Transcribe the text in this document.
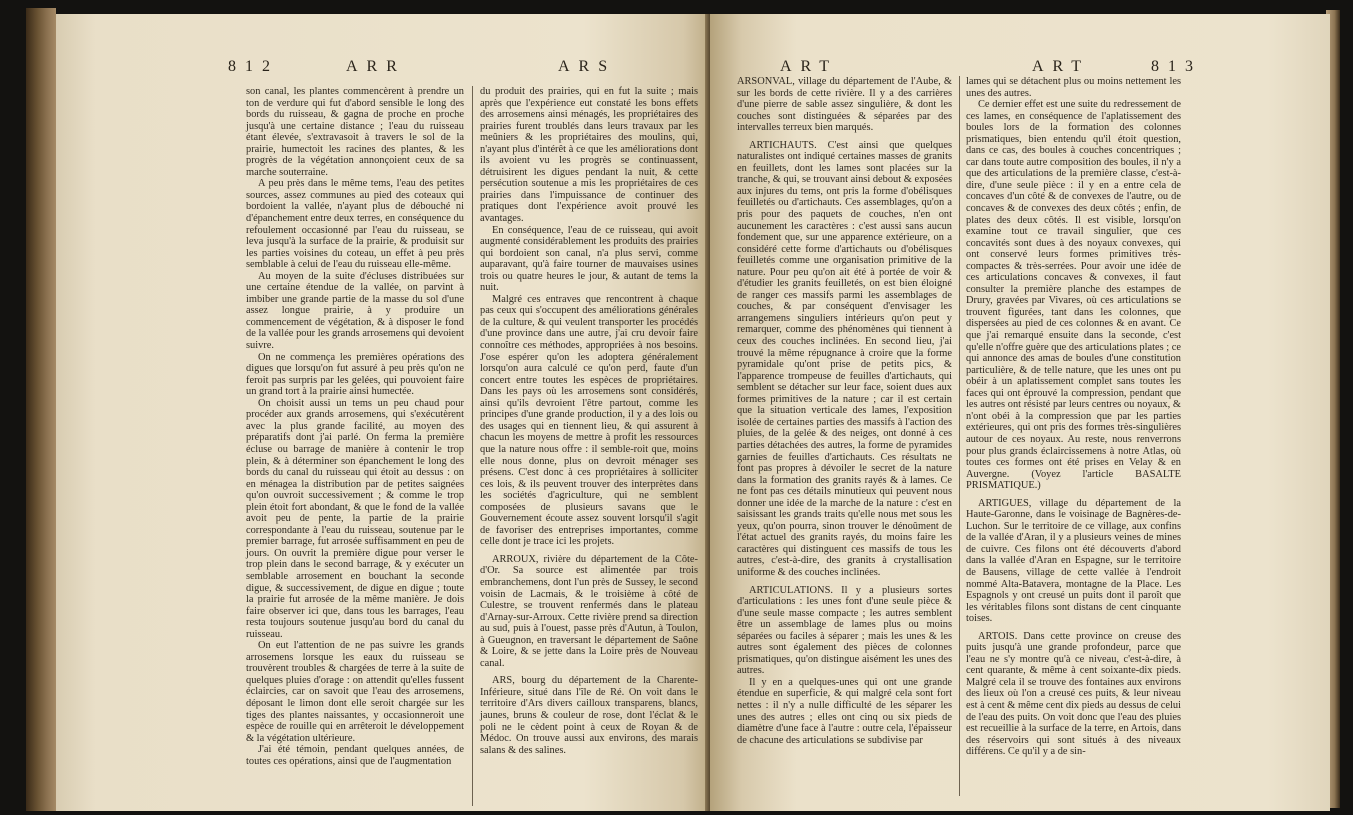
812	ARR	ARS

son canal, les plantes commencèrent à prendre un ton de verdure qui fut d'abord sensible le long des bords du ruisseau, & gagna de proche en proche jusqu'à une certaine distance ; l'eau du ruisseau étant élevée, s'extravasoit à travers le sol de la prairie, humectoit les racines des plantes, & les progrès de la végétation annonçoient ceux de sa marche souterraine.

A peu près dans le même tems, l'eau des petites sources, assez communes au pied des coteaux qui bordoient la vallée, n'ayant plus de débouché ni d'épanchement entre deux terres, en conséquence du refoulement occasionné par l'eau du ruisseau, se leva jusqu'à la surface de la prairie, & produisit sur les parties voisines du coteau, un effet à peu près semblable à celui de l'eau du ruisseau elle-même.

Au moyen de la suite d'écluses distribuées sur une certaine étendue de la vallée, on parvint à imbiber une grande partie de la masse du sol d'une assez longue prairie, à y produire un commencement de végétation, & à disposer le fond de la vallée pour les grands arrosemens qui devoient suivre.

On ne commença les premières opérations des digues que lorsqu'on fut assuré à peu près qu'on ne feroit pas surpris par les gelées, qui pouvoient faire un grand tort à la prairie ainsi humectée.

On choisit aussi un tems un peu chaud pour procéder aux grands arrosemens, qui s'exécutèrent avec la plus grande facilité, au moyen des préparatifs dont j'ai parlé. On ferma la première écluse ou barrage de manière à contenir le trop plein, & à déterminer son épanchement le long des bords du canal du ruisseau qui étoit au dessus : on en ménagea la distribution par de petites saignées qu'on ouvroit successivement ; & comme le trop plein étoit fort abondant, & que le fond de la vallée avoit peu de pente, la partie de la prairie correspondante à l'eau du ruisseau, soutenue par le premier barrage, fut arrosée suffisamment en peu de jours. On ouvrit la première digue pour verser le trop plein dans le second barrage, & y exécuter un semblable arrosement en bouchant la seconde digue, & successivement, de digue en digue ; toute la prairie fut arrosée de la même manière. Je dois faire observer ici que, dans tous les barrages, l'eau resta toujours soutenue jusqu'au bord du canal du ruisseau.

On eut l'attention de ne pas suivre les grands arrosemens lorsque les eaux du ruisseau se trouvèrent troubles & chargées de terre à la suite de quelques pluies d'orage : on attendit qu'elles fussent éclaircies, car on savoit que l'eau des arrosemens, déposant le limon dont elle seroit chargée sur les tiges des plantes naissantes, y occasionneroit une espèce de rouille qui en arrêteroit le développement & la végétation ultérieure.

J'ai été témoin, pendant quelques années, de toutes ces opérations, ainsi que de l'augmentation

du produit des prairies, qui en fut la suite ; mais après que l'expérience eut constaté les bons effets des arrosemens ainsi ménagés, les propriétaires des prairies furent troublés dans leurs travaux par les meûniers & les propriétaires des moulins, qui, n'ayant plus d'intérêt à ce que les améliorations dont ils avoient vu les progrès se continuassent, détruisirent les digues pendant la nuit, & cette persécution soutenue a mis les propriétaires de ces prairies dans l'impuissance de continuer des pratiques dont l'expérience avoit prouvé les avantages.

En conséquence, l'eau de ce ruisseau, qui avoit augmenté considérablement les produits des prairies qui bordoient son canal, n'a plus servi, comme auparavant, qu'à faire tourner de mauvaises usines trois ou quatre heures le jour, & autant de tems la nuit.

Malgré ces entraves que rencontrent à chaque pas ceux qui s'occupent des améliorations générales de la culture, & qui veulent transporter les procédés d'une province dans une autre, j'ai cru devoir faire connoître ces méthodes, appropriées à nos besoins. J'ose espérer qu'on les adoptera généralement lorsqu'on aura calculé ce qu'on perd, faute d'un concert entre toutes les espèces de propriétaires. Dans les pays où les arrosemens sont considérés, ainsi qu'ils devroient l'être partout, comme les principes d'une grande production, il y a des lois ou des usages qui en tiennent lieu, & qui assurent à chacun les moyens de mettre à profit les ressources que la nature nous offre : il semble-roit que, moins elle nous donne, plus on devroit ménager ses présens. C'est donc à ces propriétaires à solliciter ces lois, & ils peuvent trouver des interprètes dans les sociétés d'agriculture, qui ne semblent composées de plusieurs savans que le Gouvernement écoute assez souvent lorsqu'il s'agit de favoriser des entreprises importantes, comme celle dont je trace ici les projets.

ARROUX, rivière du département de la Côte-d'Or. Sa source est alimentée par trois embranchemens, dont l'un près de Sussey, le second voisin de Lacmais, & le troisième à côté de Culestre, se trouvent renfermés dans le plateau d'Arnay-sur-Arroux. Cette rivière prend sa direction au sud, puis à l'ouest, passe près d'Autun, à Toulon, à Gueugnon, en traversant le département de Saône & Loire, & se jette dans la Loire près de Nouveau canal.

ARS, bourg du département de la Charente-Inférieure, situé dans l'île de Ré. On voit dans le territoire d'Ars divers cailloux transparens, blancs, jaunes, bruns & couleur de rose, dont l'éclat & le poli ne le cèdent point à ceux de Royan & de Médoc. On trouve aussi aux environs, des marais salans & des salines.

ART	ART	813

ARSONVAL, village du département de l'Aube, & sur les bords de cette rivière. Il y a des carrières d'une pierre de sable assez singulière, & dont les couches sont distinguées & séparées par des intervalles terreux bien marqués.

ARTICHAUTS. C'est ainsi que quelques naturalistes ont indiqué certaines masses de granits en feuillets, dont les lames sont placées sur la tranche, & qui, se trouvant ainsi debout & exposées aux injures du tems, ont pris la forme d'obélisques feuilletés ou d'artichauts. Ces assemblages, qu'on a pris pour des paquets de couches, n'en ont aucunement les caractères : c'est aussi sans aucun fondement que, sur une apparence extérieure, on a considéré cette forme d'artichauts ou d'obélisques feuilletés comme une organisation primitive de la nature. Pour peu qu'on ait été à portée de voir & d'étudier les granits feuilletés, on est bien éloigné de ranger ces massifs parmi les assemblages de couches, & par conséquent d'envisager les arrangemens singuliers intérieurs qu'on peut y remarquer, comme des phénomènes qui tiennent à ceux des couches inclinées. En second lieu, j'ai trouvé la même répugnance à croire que la forme pyramidale qu'ont prise de petits pics, & l'apparence trompeuse de feuilles d'artichauts, qui semblent se détacher sur leur face, soient dues aux formes primitives de la nature ; car il est certain que la situation verticale des lames, l'exposition isolée de certaines parties des massifs à l'action des pluies, de la gelée & des neiges, ont donné à ces parties détachées des autres, la forme de pyramides garnies de feuilles d'artichauts. Ces résultats ne font pas propres à dévoiler le secret de la nature dans la formation des granits rayés & à lames. Ce ne font pas ces détails minutieux qui peuvent nous donner une idée de la marche de la nature : c'est en saisissant les grands traits qu'elle nous met sous les yeux, qu'on pourra, sinon trouver le dénoûment de l'état actuel des granits rayés, du moins faire les caractères qui distinguent ces massifs de tous les autres, c'est-à-dire, des granits à crystallisation uniforme & des couches inclinées.

ARTICULATIONS. Il y a plusieurs sortes d'articulations : les unes font d'une seule pièce & d'une seule masse compacte ; les autres semblent être un assemblage de lames plus ou moins séparées ou faciles à séparer ; mais les unes & les autres sont également des pièces de colonnes prismatiques, qu'on distingue aisément les unes des autres.

Il y en a quelques-unes qui ont une grande étendue en superficie, & qui malgré cela sont fort nettes : il n'y a nulle difficulté de les séparer les unes des autres ; elles ont cinq ou six pieds de diamètre d'une face à l'autre : outre cela, l'épaisseur de chacune des articulations se subdivise par

lames qui se détachent plus ou moins nettement les unes des autres.

Ce dernier effet est une suite du redressement de ces lames, en conséquence de l'aplatissement des boules lors de la formation des colonnes prismatiques, bien entendu qu'il étoit question, dans ce cas, des boules à couches concentriques ; car dans toute autre composition des boules, il n'y a que des articulations de la première classe, c'est-à-dire, d'une seule pièce : il y en a entre cela de concaves d'un côté & de convexes de l'autre, ou de concaves & de convexes des deux côtés ; enfin, de plates des deux côtés. Il est visible, lorsqu'on examine tout ce travail singulier, que ces concavités sont dues à des noyaux convexes, qui ont conservé leurs formes primitives très-compactes & très-serrées. Pour avoir une idée de ces articulations concaves & convexes, il faut consulter la première planche des estampes de Drury, gravées par Vivares, où ces articulations se trouvent figurées, tant dans les colonnes, que dispersées au pied de ces colonnes & en avant. Ce que j'ai remarqué ensuite dans la seconde, c'est qu'elle n'offre guère que des articulations plates ; ce qui annonce des amas de boules d'une constitution particulière, & de telle nature, que les unes ont pu obéir à un aplatissement complet sans toutes les faces qui ont éprouvé la compression, pendant que les autres ont résisté par leurs centres ou noyaux, & n'ont obéi à la compression que par les parties extérieures, qui ont pris des formes très-singulières autour de ces noyaux. Au reste, nous renverrons pour plus grands éclaircissemens à notre Atlas, où toutes ces formes ont été prises en Velay & en Auvergne. (Voyez l'article BASALTE PRISMATIQUE.)

ARTIGUES, village du département de la Haute-Garonne, dans le voisinage de Bagnères-de-Luchon. Sur le territoire de ce village, aux confins de la vallée d'Aran, il y a plusieurs veines de mines de cuivre. Ces filons ont été découverts d'abord dans la vallée d'Aran en Espagne, sur le territoire de Bausens, village de cette vallée à l'endroit nommé Alta-Batavera, montagne de la Place. Les Espagnols y ont creusé un puits dont il paroît que les véritables filons sont distans de cent cinquante toises.

ARTOIS. Dans cette province on creuse des puits jusqu'à une grande profondeur, parce que l'eau ne s'y montre qu'à ce niveau, c'est-à-dire, à cent quarante, & même à cent soixante-dix pieds. Malgré cela il se trouve des fontaines aux environs des lieux où l'on a creusé ces puits, & leur niveau est à cent & même cent dix pieds au dessus de celui de l'eau des puits. On voit donc que l'eau des pluies est recueillie à la surface de la terre, en Artois, dans des réservoirs qui sont situés à des niveaux différens. Ce qu'il y a de sin-
